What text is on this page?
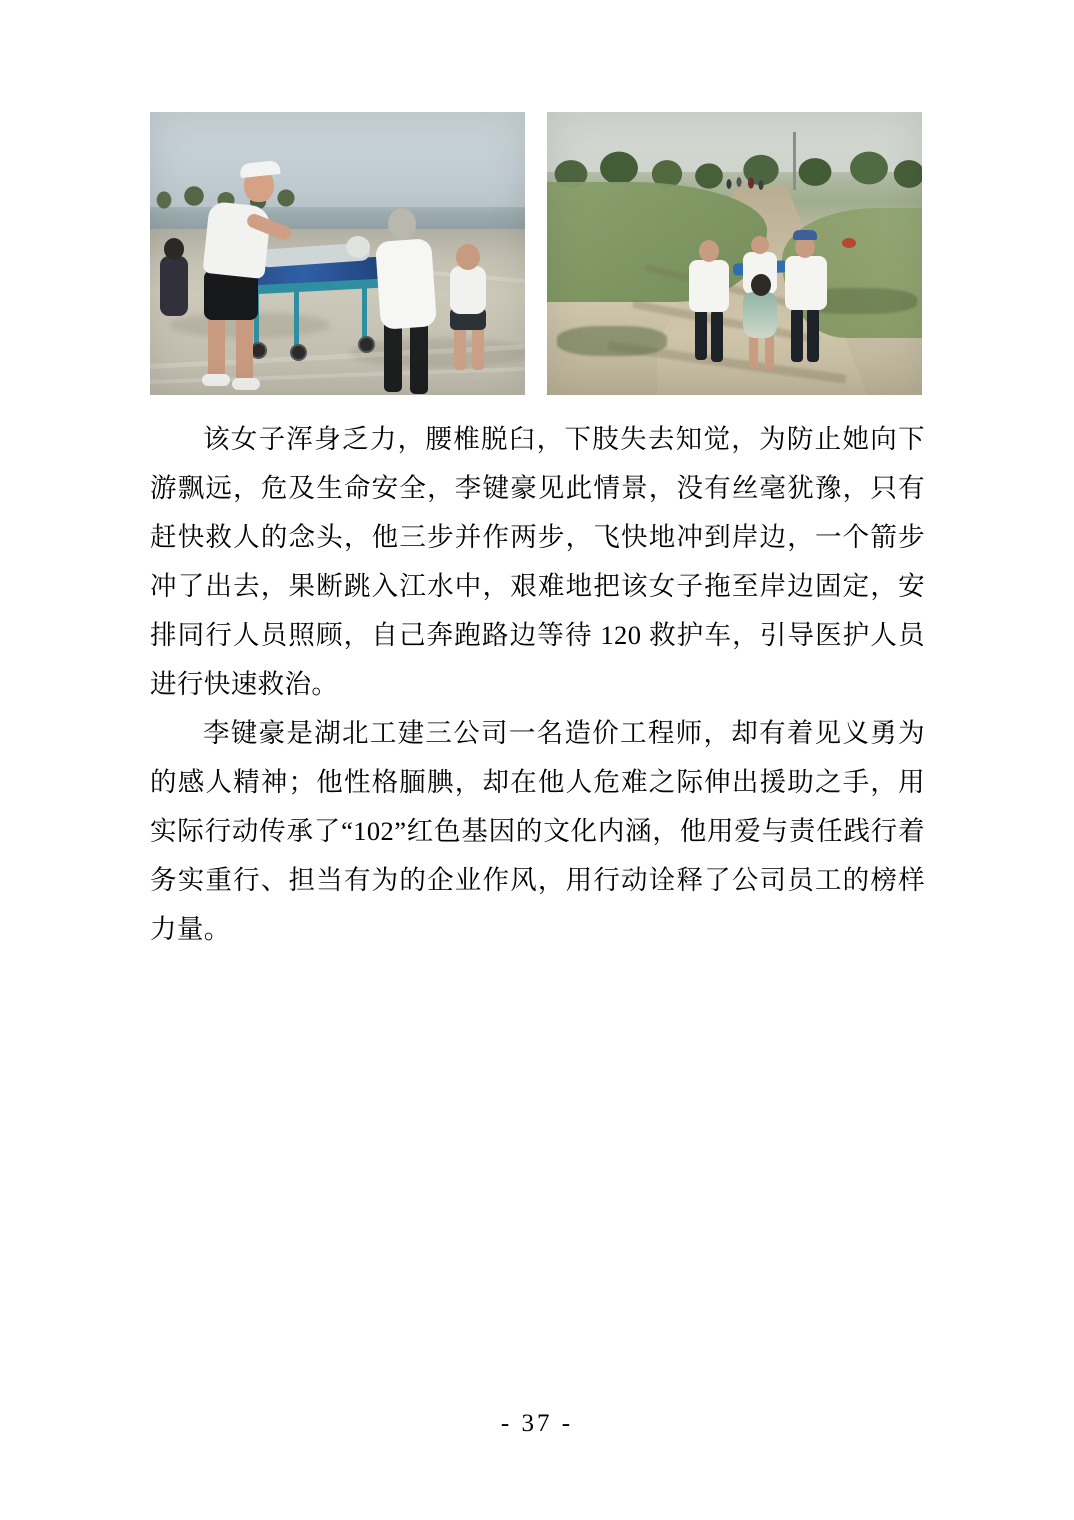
该女子浑身乏力，腰椎脱臼，下肢失去知觉，为防止她向下游飘远，危及生命安全，李键豪见此情景，没有丝毫犹豫，只有赶快救人的念头，他三步并作两步，飞快地冲到岸边，一个箭步冲了出去，果断跳入江水中，艰难地把该女子拖至岸边固定，安排同行人员照顾，自己奔跑路边等待 120 救护车，引导医护人员进行快速救治。

李键豪是湖北工建三公司一名造价工程师，却有着见义勇为的感人精神；他性格腼腆，却在他人危难之际伸出援助之手，用实际行动传承了“102”红色基因的文化内涵，他用爱与责任践行着务实重行、担当有为的企业作风，用行动诠释了公司员工的榜样力量。

- 37 -
